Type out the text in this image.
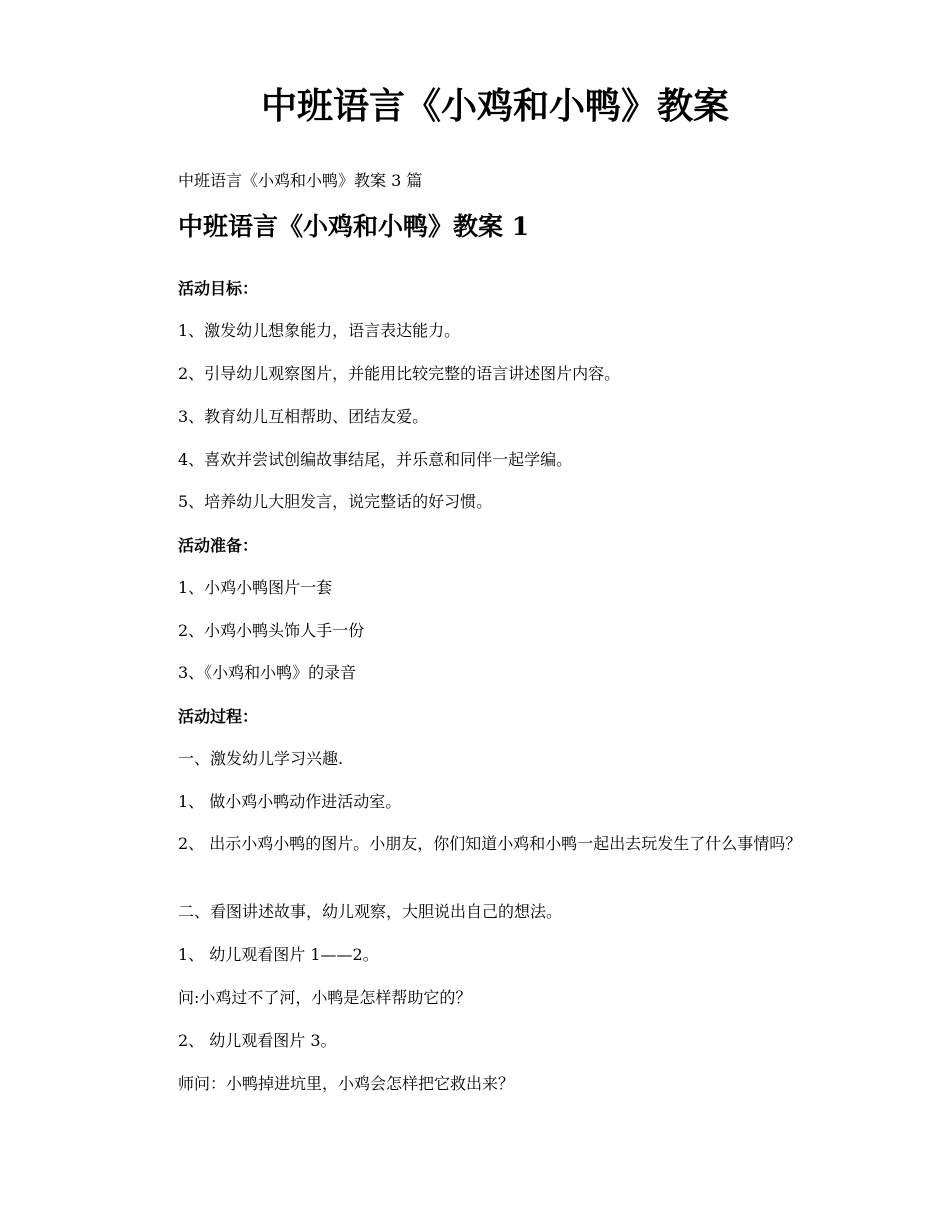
中班语言《小鸡和小鸭》教案
中班语言《小鸡和小鸭》教案 3 篇
中班语言《小鸡和小鸭》教案 1
活动目标：
1、激发幼儿想象能力，语言表达能力。
2、引导幼儿观察图片，并能用比较完整的语言讲述图片内容。
3、教育幼儿互相帮助、团结友爱。
4、喜欢并尝试创编故事结尾，并乐意和同伴一起学编。
5、培养幼儿大胆发言，说完整话的好习惯。
活动准备：
1、小鸡小鸭图片一套
2、小鸡小鸭头饰人手一份
3、《小鸡和小鸭》的录音
活动过程：
一、激发幼儿学习兴趣.
1、 做小鸡小鸭动作进活动室。
2、 出示小鸡小鸭的图片。小朋友，你们知道小鸡和小鸭一起出去玩发生了什么事情吗？
二、看图讲述故事，幼儿观察，大胆说出自己的想法。
1、 幼儿观看图片 1——2。
问:小鸡过不了河，小鸭是怎样帮助它的？
2、 幼儿观看图片 3。
师问：小鸭掉进坑里，小鸡会怎样把它救出来？
